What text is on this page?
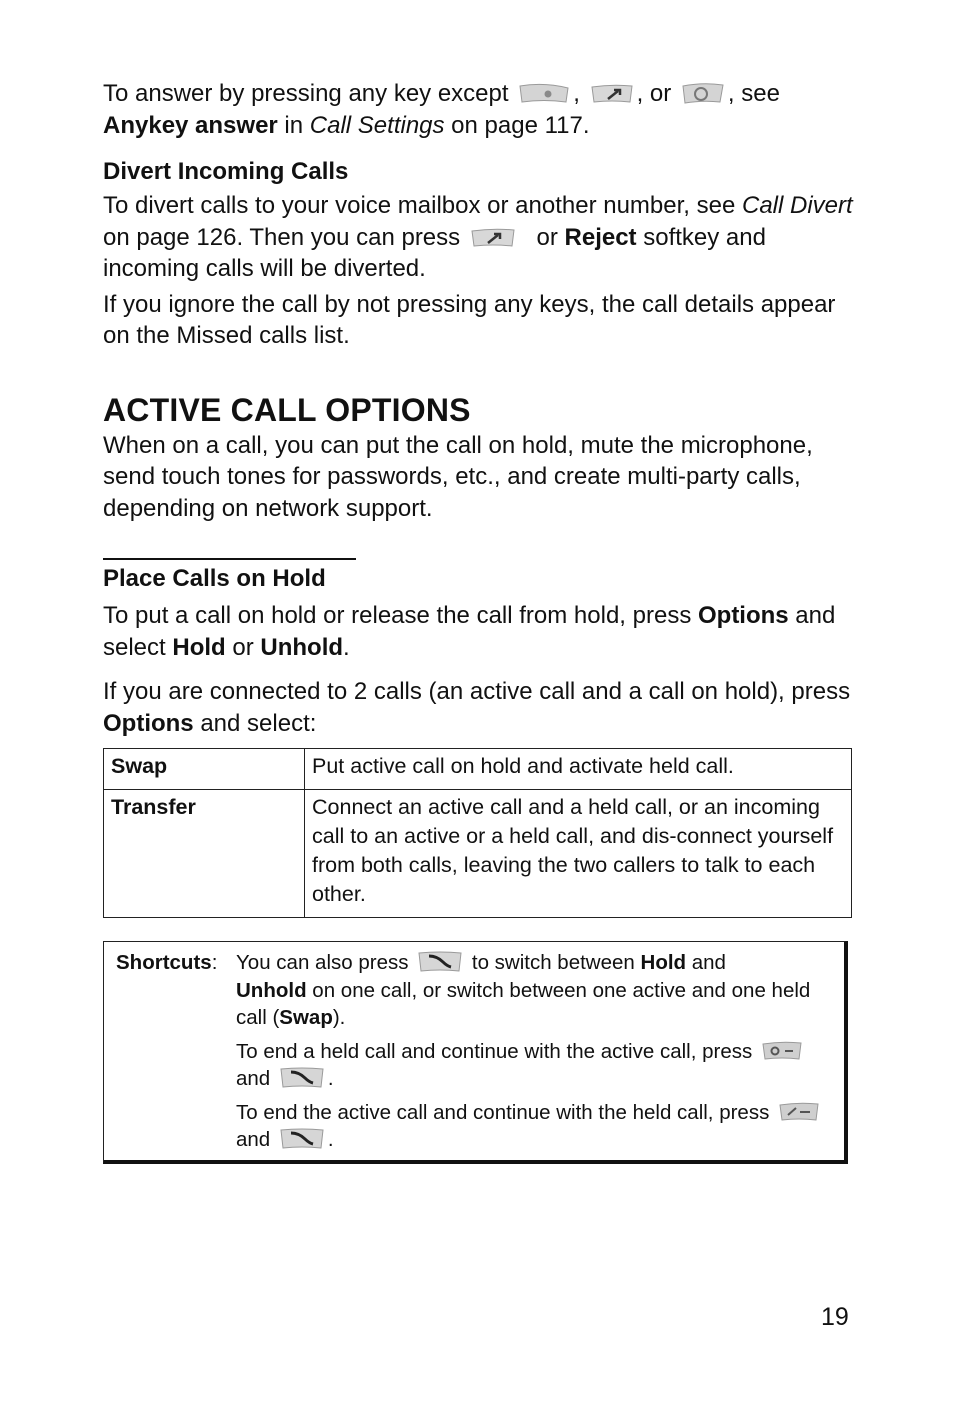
To answer by pressing any key except
,
, or
, see
Anykey answer in Call Settings on page 117.

Divert Incoming Calls

To divert calls to your voice mailbox or another number, see Call Divert on page 126. Then you can press	or Reject softkey and incoming calls will be diverted.

If you ignore the call by not pressing any keys, the call details appear on the Missed calls list.

ACTIVE CALL OPTIONS

When on a call, you can put the call on hold, mute the microphone, send touch tones for passwords, etc., and create multi-party calls, depending on network support.

Place Calls on Hold

To put a call on hold or release the call from hold, press Options and select Hold or Unhold.

If you are connected to 2 calls (an active call and a call on hold), press Options and select:

Swap	Put active call on hold and activate held call.
Transfer	Connect an active call and a held call, or an incoming call to an active or a held call, and dis-connect yourself from both calls, leaving the two callers to talk to each other.
Shortcuts: You can also press	to switch between Hold and
Unhold on one call, or switch between one active and one held call (Swap).

To end a held call and continue with the active call, press
and	.

To end the active call and continue with the held call, press
and	.

19
